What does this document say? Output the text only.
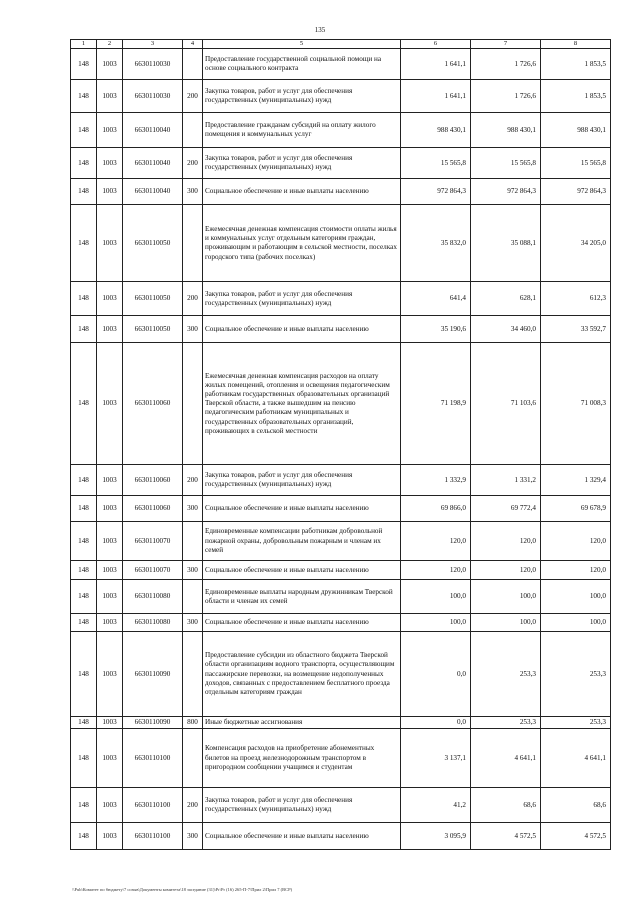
135
1	2	3	4	5	6	7	8
148	1003	6630110030		Предоставление государственной социальной помощи на основе социального контракта	1 641,1	1 726,6	1 853,5
148	1003	6630110030	200	Закупка товаров, работ и услуг для обеспечения государственных (муниципальных) нужд	1 641,1	1 726,6	1 853,5
148	1003	6630110040		Предоставление гражданам субсидий на оплату жилого помещения и коммунальных услуг	988 430,1	988 430,1	988 430,1
148	1003	6630110040	200	Закупка товаров, работ и услуг для обеспечения государственных (муниципальных) нужд	15 565,8	15 565,8	15 565,8
148	1003	6630110040	300	Социальное обеспечение и иные выплаты населению	972 864,3	972 864,3	972 864,3
148	1003	6630110050		Ежемесячная денежная компенсация стоимости оплаты жилья и коммунальных услуг отдельным категориям граждан, проживающим и работающим в сельской местности, поселках городского типа (рабочих поселках)	35 832,0	35 088,1	34 205,0
148	1003	6630110050	200	Закупка товаров, работ и услуг для обеспечения государственных (муниципальных) нужд	641,4	628,1	612,3
148	1003	6630110050	300	Социальное обеспечение и иные выплаты населению	35 190,6	34 460,0	33 592,7
148	1003	6630110060		Ежемесячная денежная компенсация расходов на оплату жилых помещений, отопления и освещения педагогическим работникам государственных образовательных организаций Тверской области, а также вышедшим на пенсию педагогическим работникам муниципальных и государственных образовательных организаций, проживающих в сельской местности	71 198,9	71 103,6	71 008,3
148	1003	6630110060	200	Закупка товаров, работ и услуг для обеспечения государственных (муниципальных) нужд	1 332,9	1 331,2	1 329,4
148	1003	6630110060	300	Социальное обеспечение и иные выплаты населению	69 866,0	69 772,4	69 678,9
148	1003	6630110070		Единовременные компенсации работникам добровольной пожарной охраны, добровольным пожарным и членам их семей	120,0	120,0	120,0
148	1003	6630110070	300	Социальное обеспечение и иные выплаты населению	120,0	120,0	120,0
148	1003	6630110080		Единовременные выплаты народным дружинникам Тверской области и членам их семей	100,0	100,0	100,0
148	1003	6630110080	300	Социальное обеспечение и иные выплаты населению	100,0	100,0	100,0
148	1003	6630110090		Предоставление субсидии из областного бюджета Тверской области организациям водного транспорта, осуществляющим пассажирские перевозки, на возмещение недополученных доходов, связанных с предоставлением бесплатного проезда отдельным категориям граждан	0,0	253,3	253,3
148	1003	6630110090	800	Иные бюджетные ассигнования	0,0	253,3	253,3
148	1003	6630110100		Компенсация расходов на приобретение абонементных билетов на проезд железнодорожным транспортом в пригородном сообщении учащимся и студентам	3 137,1	4 641,1	4 641,1
148	1003	6630110100	200	Закупка товаров, работ и услуг для обеспечения государственных (муниципальных) нужд	41,2	68,6	68,6
148	1003	6630110100	300	Социальное обеспечение и иные выплаты населению	3 095,9	4 572,5	4 572,5
\\Pub\Комитет по бюджету\7 созыв\Документы комитета\18 заседание (31)\Pr\Pr (16) 265-П-7\Прил 2\Прил 7 (ВСР)
